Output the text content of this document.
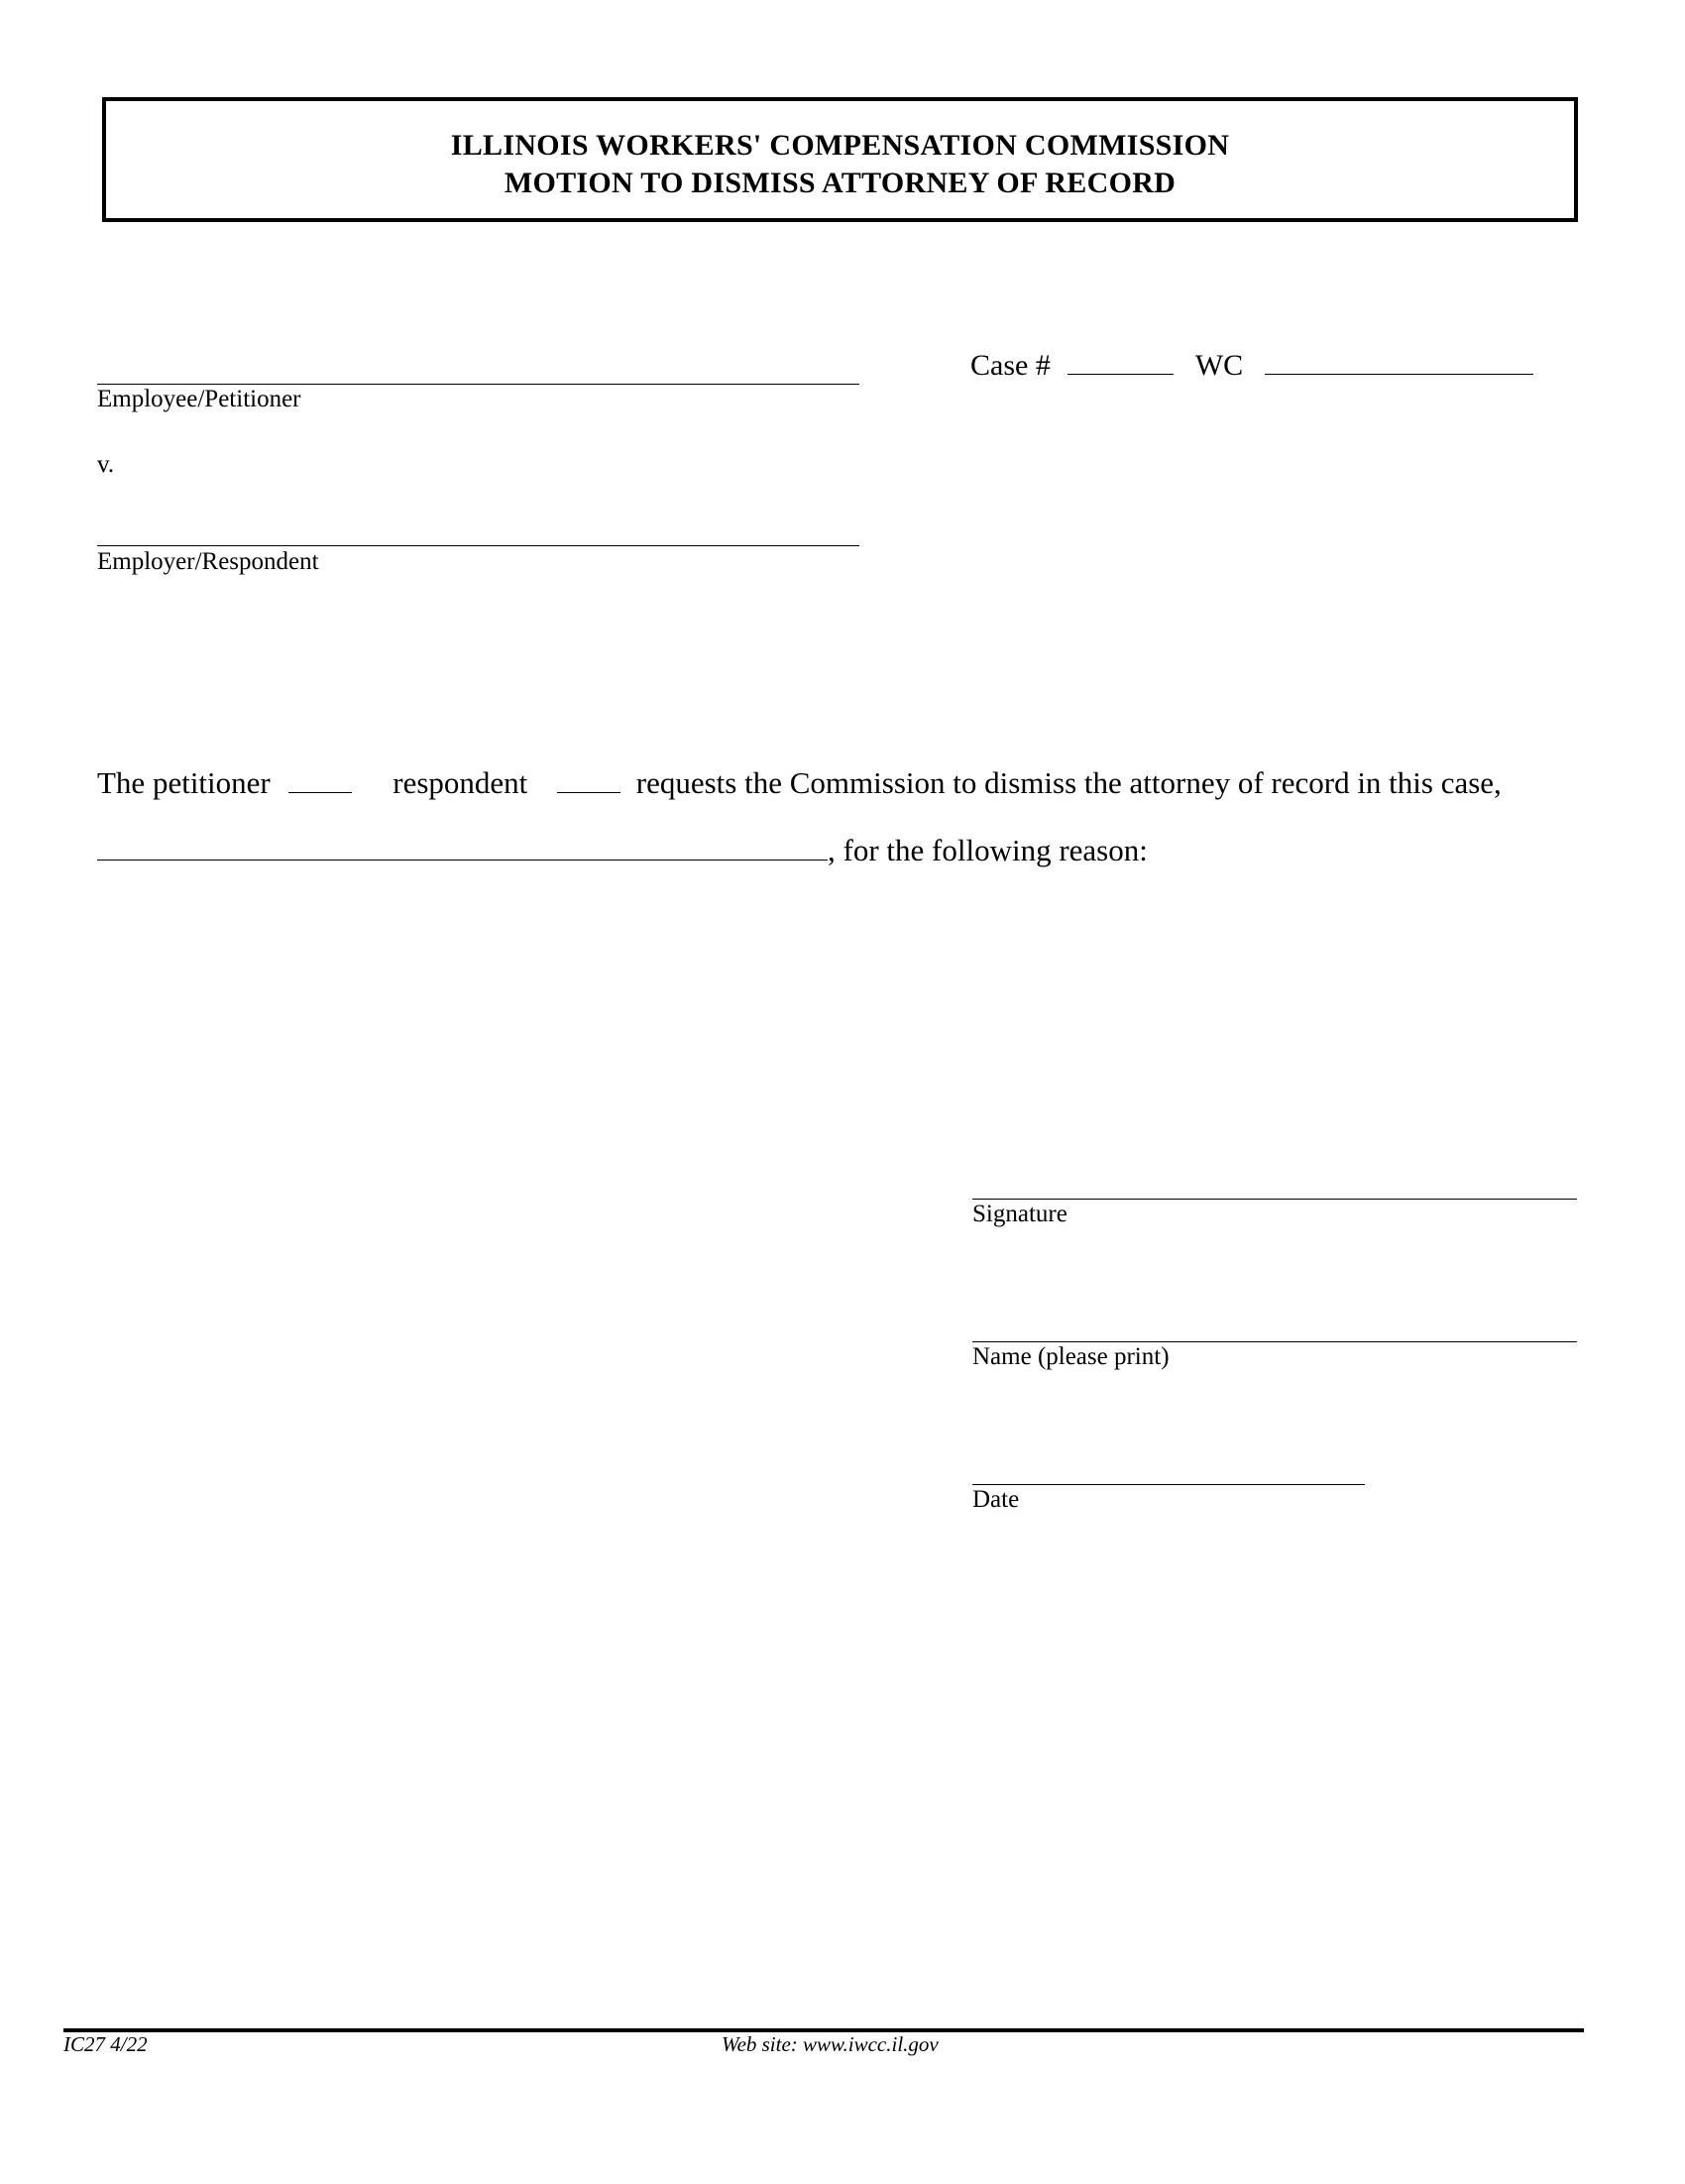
ILLINOIS WORKERS' COMPENSATION COMMISSION
MOTION TO DISMISS ATTORNEY OF RECORD
Employee/Petitioner
v.
Employer/Respondent
Case #	WC
The petitioner	respondent	requests the Commission to dismiss the attorney of record in this case,
, for the following reason:
Signature
Name (please print)
Date
IC27 4/22	Web site: www.iwcc.il.gov
